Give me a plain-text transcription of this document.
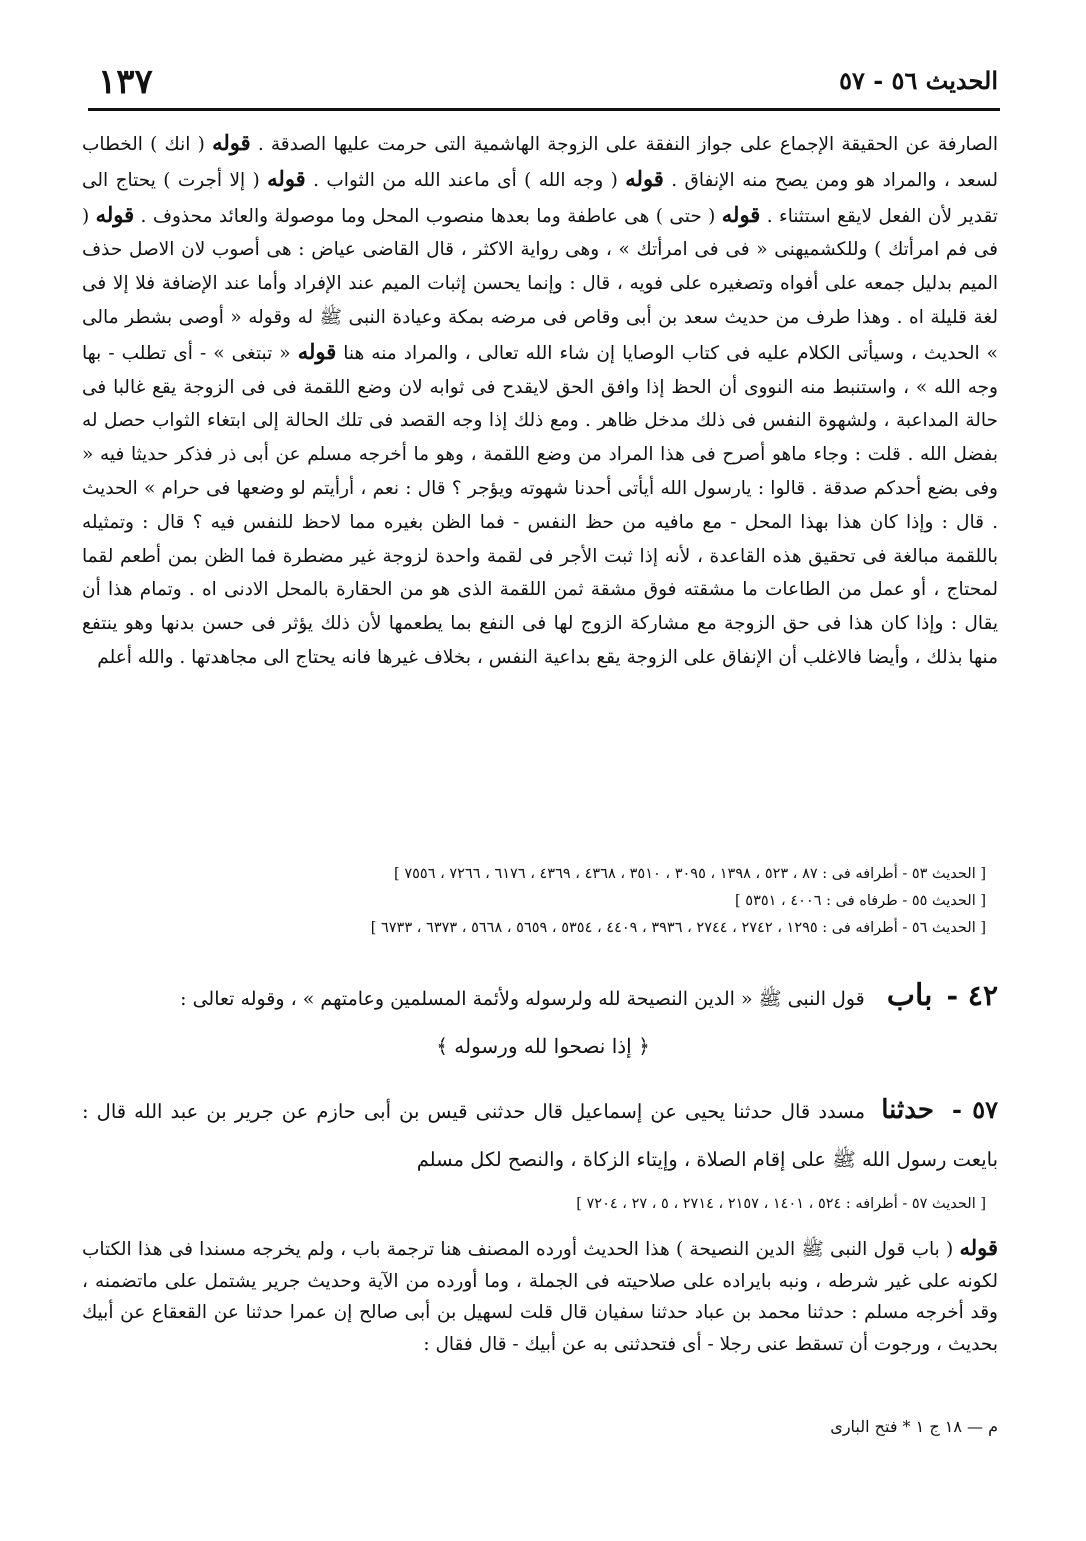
الحديث ٥٦ - ٥٧
١٣٧
الصارفة عن الحقيقة الإجماع على جواز النفقة على الزوجة الهاشمية التى حرمت عليها الصدقة . قوله ( انك ) الخطاب لسعد ، والمراد هو ومن يصح منه الإنفاق . قوله ( وجه الله ) أى ماعند الله من الثواب . قوله ( إلا أجرت ) يحتاج الى تقدير لأن الفعل لايقع استثناء . قوله ( حتى ) هى عاطفة وما بعدها منصوب المحل وما موصولة والعائد محذوف . قوله ( فى فم امرأتك ) وللكشميهنى « فى فى امرأتك » ، وهى رواية الاكثر ، قال القاضى عياض : هى أصوب لان الاصل حذف الميم بدليل جمعه على أفواه وتصغيره على فويه ، قال : وإنما يحسن إثبات الميم عند الإفراد وأما عند الإضافة فلا إلا فى لغة قليلة اه . وهذا طرف من حديث سعد بن أبى وقاص فى مرضه بمكة وعيادة النبى ﷺ له وقوله « أوصى بشطر مالى » الحديث ، وسيأتى الكلام عليه فى كتاب الوصايا إن شاء الله تعالى ، والمراد منه هنا قوله « تبتغى » - أى تطلب - بها وجه الله » ، واستنبط منه النووى أن الحظ إذا وافق الحق لايقدح فى ثوابه لان وضع اللقمة فى فى الزوجة يقع غالبا فى حالة المداعبة ، ولشهوة النفس فى ذلك مدخل ظاهر . ومع ذلك إذا وجه القصد فى تلك الحالة إلى ابتغاء الثواب حصل له بفضل الله . قلت : وجاء ماهو أصرح فى هذا المراد من وضع اللقمة ، وهو ما أخرجه مسلم عن أبى ذر فذكر حديثا فيه « وفى بضع أحدكم صدقة . قالوا : يارسول الله أيأتى أحدنا شهوته ويؤجر ؟ قال : نعم ، أرأيتم لو وضعها فى حرام » الحديث . قال : وإذا كان هذا بهذا المحل - مع مافيه من حظ النفس - فما الظن بغيره مما لاحظ للنفس فيه ؟ قال : وتمثيله باللقمة مبالغة فى تحقيق هذه القاعدة ، لأنه إذا ثبت الأجر فى لقمة واحدة لزوجة غير مضطرة فما الظن بمن أطعم لقما لمحتاج ، أو عمل من الطاعات ما مشقته فوق مشقة ثمن اللقمة الذى هو من الحقارة بالمحل الادنى اه . وتمام هذا أن يقال : وإذا كان هذا فى حق الزوجة مع مشاركة الزوج لها فى النفع بما يطعمها لأن ذلك يؤثر فى حسن بدنها وهو ينتفع منها بذلك ، وأيضا فالاغلب أن الإنفاق على الزوجة يقع بداعية النفس ، بخلاف غيرها فانه يحتاج الى مجاهدتها . والله أعلم
[ الحديث ٥٣ - أطرافه فى : ٨٧ ، ٥٢٣ ، ١٣٩٨ ، ٣٠٩٥ ، ٣٥١٠ ، ٤٣٦٨ ، ٤٣٦٩ ، ٦١٧٦ ، ٧٢٦٦ ، ٧٥٥٦ ]
[ الحديث ٥٥ - طرفاه فى : ٤٠٠٦ ، ٥٣٥١ ]
[ الحديث ٥٦ - أطرافه فى : ١٢٩٥ ، ٢٧٤٢ ، ٢٧٤٤ ، ٣٩٣٦ ، ٤٤٠٩ ، ٥٣٥٤ ، ٥٦٥٩ ، ٥٦٦٨ ، ٦٣٧٣ ، ٦٧٣٣ ]
٤٢ - باب قول النبى ﷺ « الدين النصيحة لله ولرسوله ولأئمة المسلمين وعامتهم » ، وقوله تعالى :
﴿ إذا نصحوا لله ورسوله ﴾
٥٧ - حدثنا مسدد قال حدثنا يحيى عن إسماعيل قال حدثنى قيس بن أبى حازم عن جرير بن عبد الله قال : بايعت رسول الله ﷺ على إقام الصلاة ، وإيتاء الزكاة ، والنصح لكل مسلم
[ الحديث ٥٧ - أطرافه : ٥٢٤ ، ١٤٠١ ، ٢١٥٧ ، ٢٧١٤ ، ٥ ، ٢٧ ، ٧٢٠٤ ]
قوله ( باب قول النبى ﷺ الدين النصيحة ) هذا الحديث أورده المصنف هنا ترجمة باب ، ولم يخرجه مسندا فى هذا الكتاب لكونه على غير شرطه ، ونبه بايراده على صلاحيته فى الجملة ، وما أورده من الآية وحديث جرير يشتمل على ماتضمنه ، وقد أخرجه مسلم : حدثنا محمد بن عباد حدثنا سفيان قال قلت لسهيل بن أبى صالح إن عمرا حدثنا عن القعقاع عن أبيك بحديث ، ورجوت أن تسقط عنى رجلا - أى فتحدثنى به عن أبيك - قال فقال :
م — ١٨ ج ١ * فتح البارى
